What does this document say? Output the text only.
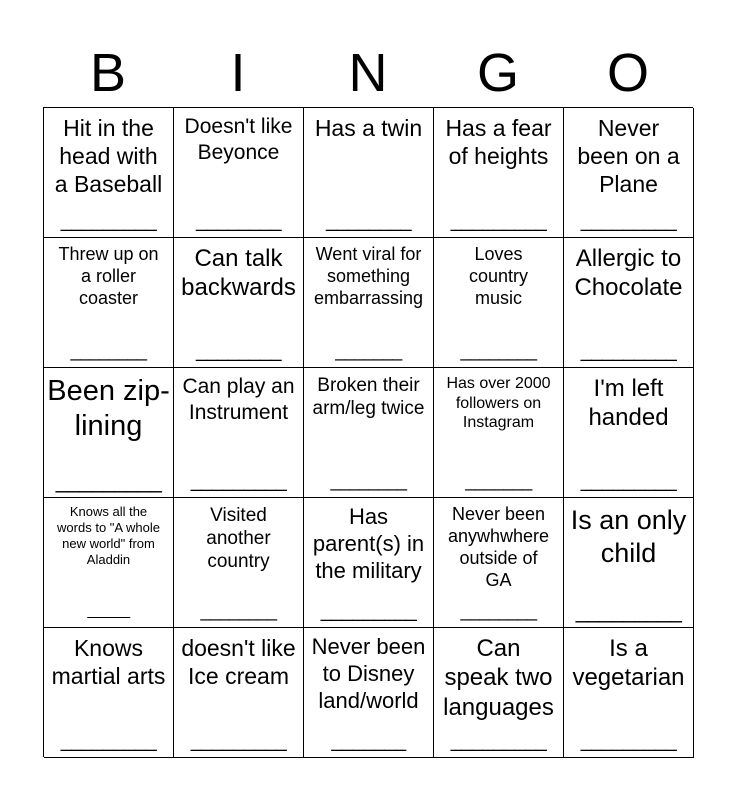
B	I	N	G	O
Hit in the
head with
a Baseball
_________
Doesn't like
Beyonce
________
Has a twin
________
Has a fear
of heights
_________
Never
been on a
Plane
_________
Threw up on
a roller
coaster
________
Can talk
backwards
________
Went viral for
something
embarrassing
_______
Loves
country
music
________
Allergic to
Chocolate
_________
Been zip-
lining
_________
Can play an
Instrument
_________
Broken their
arm/leg twice
________
Has over 2000
followers on
Instagram
_______
I'm left
handed
_________
Knows all the
words to "A whole
new world" from
Aladdin
_____
Visited
another
country
________
Has
parent(s) in
the military
_________
Never been
anywhwhere
outside of
GA
________
Is an only
child
_________
Knows
martial arts
_________
doesn't like
Ice cream
_________
Never been
to Disney
land/world
_______
Can
speak two
languages
_________
Is a
vegetarian
_________
